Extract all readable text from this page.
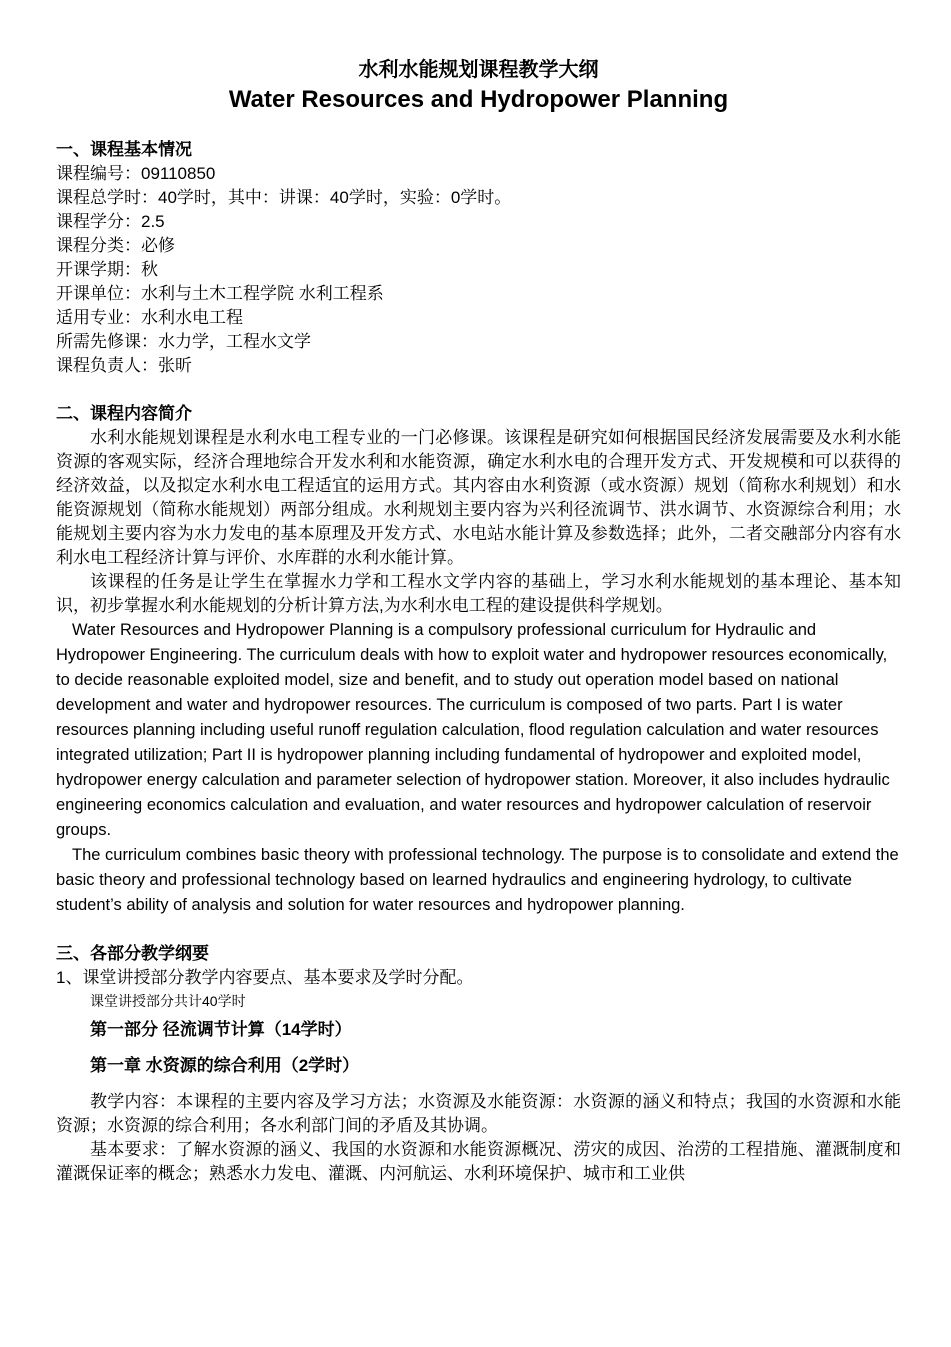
水利水能规划课程教学大纲

Water Resources and Hydropower Planning

一、课程基本情况

课程编号：09110850

课程总学时：40学时，其中：讲课：40学时，实验：0学时。

课程学分：2.5

课程分类：必修

开课学期：秋

开课单位：水利与土木工程学院 水利工程系

适用专业：水利水电工程

所需先修课：水力学，工程水文学

课程负责人：张昕

二、课程内容简介

水利水能规划课程是水利水电工程专业的一门必修课。该课程是研究如何根据国民经济发展需要及水利水能资源的客观实际，经济合理地综合开发水利和水能资源，确定水利水电的合理开发方式、开发规模和可以获得的经济效益，以及拟定水利水电工程适宜的运用方式。其内容由水利资源（或水资源）规划（简称水利规划）和水能资源规划（简称水能规划）两部分组成。水利规划主要内容为兴利径流调节、洪水调节、水资源综合利用；水能规划主要内容为水力发电的基本原理及开发方式、水电站水能计算及参数选择；此外，二者交融部分内容有水利水电工程经济计算与评价、水库群的水利水能计算。

该课程的任务是让学生在掌握水力学和工程水文学内容的基础上，学习水利水能规划的基本理论、基本知识，初步掌握水利水能规划的分析计算方法,为水利水电工程的建设提供科学规划。

Water Resources and Hydropower Planning is a compulsory professional curriculum for Hydraulic and Hydropower Engineering. The curriculum deals with how to exploit water and hydropower resources economically, to decide reasonable exploited model, size and benefit, and to study out operation model based on national development and water and hydropower resources. The curriculum is composed of two parts. Part I is water resources planning including useful runoff regulation calculation, flood regulation calculation and water resources integrated utilization; Part II is hydropower planning including fundamental of hydropower and exploited model, hydropower energy calculation and parameter selection of hydropower station. Moreover, it also includes hydraulic engineering economics calculation and evaluation, and water resources and hydropower calculation of reservoir groups.

The curriculum combines basic theory with professional technology. The purpose is to consolidate and extend the basic theory and professional technology based on learned hydraulics and engineering hydrology, to cultivate student’s ability of analysis and solution for water resources and hydropower planning.

三、各部分教学纲要

1、课堂讲授部分教学内容要点、基本要求及学时分配。

课堂讲授部分共计40学时

第一部分 径流调节计算（14学时）

第一章 水资源的综合利用（2学时）

教学内容：本课程的主要内容及学习方法；水资源及水能资源：水资源的涵义和特点；我国的水资源和水能资源；水资源的综合利用；各水利部门间的矛盾及其协调。

基本要求：了解水资源的涵义、我国的水资源和水能资源概况、涝灾的成因、治涝的工程措施、灌溉制度和灌溉保证率的概念；熟悉水力发电、灌溉、内河航运、水利环境保护、城市和工业供
